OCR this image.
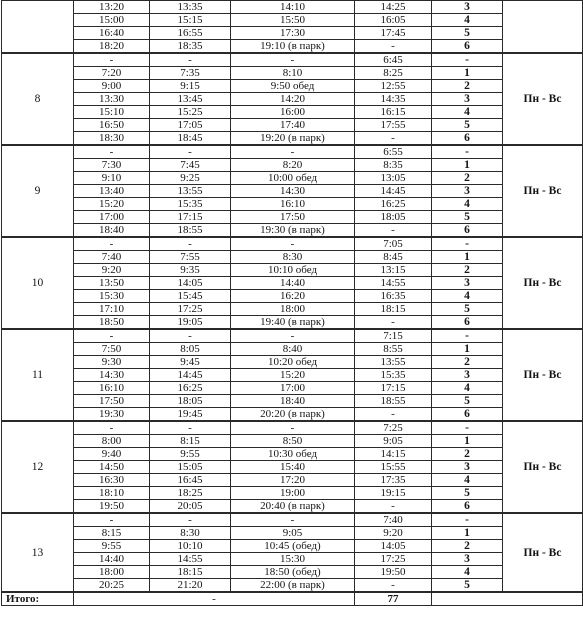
	13:20	13:35	14:10	14:25	3	
	15:00	15:15	15:50	16:05	4	
	16:40	16:55	17:30	17:45	5	
	18:20	18:35	19:10 (в парк)	-	6	
8	-	-	-	6:45	-	Пн - Вс
	7:20	7:35	8:10	8:25	1	
	9:00	9:15	9:50 обед	12:55	2	
	13:30	13:45	14:20	14:35	3	
	15:10	15:25	16:00	16:15	4	
	16:50	17:05	17:40	17:55	5	
	18:30	18:45	19:20 (в парк)	-	6	
9	-	-	-	6:55	-	Пн - Вс
	7:30	7:45	8:20	8:35	1	
	9:10	9:25	10:00 обед	13:05	2	
	13:40	13:55	14:30	14:45	3	
	15:20	15:35	16:10	16:25	4	
	17:00	17:15	17:50	18:05	5	
	18:40	18:55	19:30 (в парк)	-	6	
10	-	-	-	7:05	-	Пн - Вс
	7:40	7:55	8:30	8:45	1	
	9:20	9:35	10:10 обед	13:15	2	
	13:50	14:05	14:40	14:55	3	
	15:30	15:45	16:20	16:35	4	
	17:10	17:25	18:00	18:15	5	
	18:50	19:05	19:40 (в парк)	-	6	
11	-	-	-	7:15	-	Пн - Вс
	7:50	8:05	8:40	8:55	1	
	9:30	9:45	10:20 обед	13:55	2	
	14:30	14:45	15:20	15:35	3	
	16:10	16:25	17:00	17:15	4	
	17:50	18:05	18:40	18:55	5	
	19:30	19:45	20:20 (в парк)	-	6	
12	-	-	-	7:25	-	Пн - Вс
	8:00	8:15	8:50	9:05	1	
	9:40	9:55	10:30 обед	14:15	2	
	14:50	15:05	15:40	15:55	3	
	16:30	16:45	17:20	17:35	4	
	18:10	18:25	19:00	19:15	5	
	19:50	20:05	20:40 (в парк)	-	6	
13	-	-	-	7:40	-	Пн - Вс
	8:15	8:30	9:05	9:20	1	
	9:55	10:10	10:45 (обед)	14:05	2	
	14:40	14:55	15:30	17:25	3	
	18:00	18:15	18:50 (обед)	19:50	4	
	20:25	21:20	22:00 (в парк)	-	5	
Итого:	-			77		
